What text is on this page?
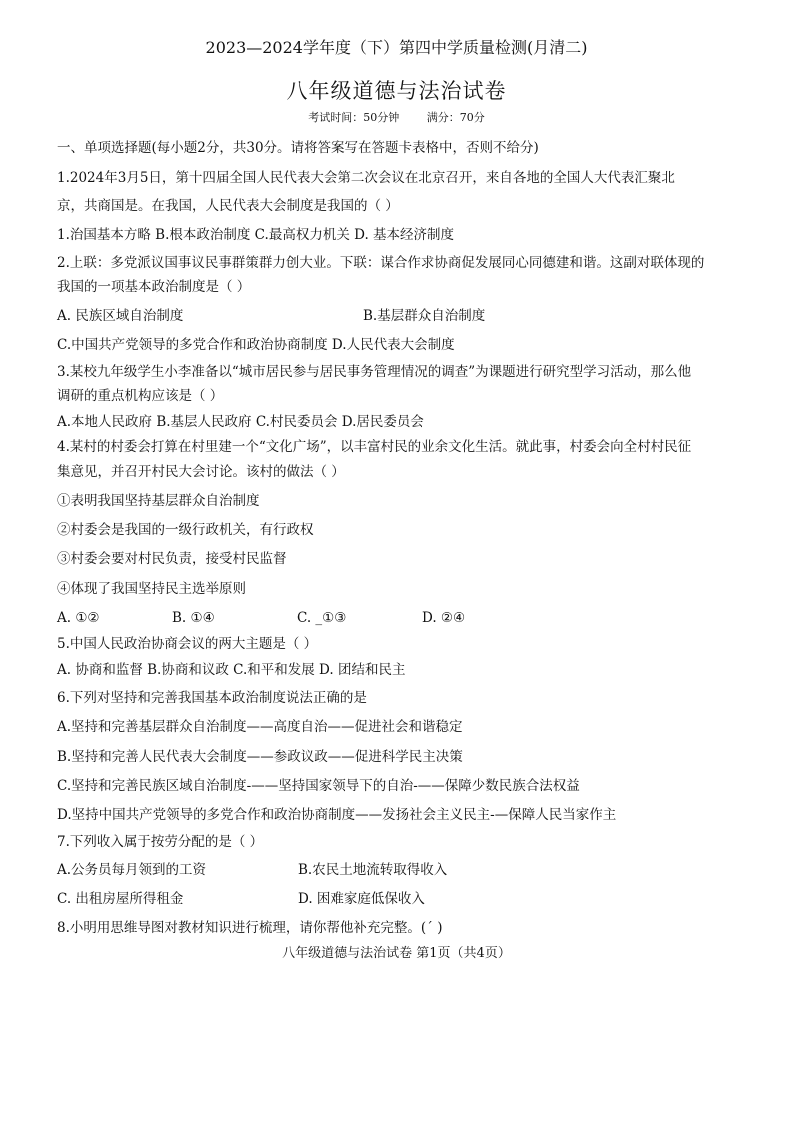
2023—2024学年度（下）第四中学质量检测(月清二)
八年级道德与法治试卷
考试时间：50分钟	满分：70分
一、单项选择题(每小题2分，共30分。请将答案写在答题卡表格中，否则不给分)
1.2024年3月5日，第十四届全国人民代表大会第二次会议在北京召开，来自各地的全国人大代表汇聚北
京，共商国是。在我国，人民代表大会制度是我国的（ ）
1.治国基本方略 B.根本政治制度 C.最高权力机关 D. 基本经济制度
2.上联：多党派议国事议民事群策群力创大业。下联：谋合作求协商促发展同心同德建和谐。这副对联体现的
我国的一项基本政治制度是（ ）
A. 民族区域自治制度	B.基层群众自治制度
C.中国共产党领导的多党合作和政治协商制度 D.人民代表大会制度
3.某校九年级学生小李准备以“城市居民参与居民事务管理情况的调查”为课题进行研究型学习活动，那么他
调研的重点机构应该是（ ）
A.本地人民政府 B.基层人民政府 C.村民委员会 D.居民委员会
4.某村的村委会打算在村里建一个“文化广场”，以丰富村民的业余文化生活。就此事，村委会向全村村民征
集意见，并召开村民大会讨论。该村的做法（ ）
①表明我国坚持基层群众自治制度
②村委会是我国的一级行政机关，有行政权
③村委会要对村民负责，接受村民监督
④体现了我国坚持民主选举原则
A. ①②	B. ①④	C. _①③	D. ②④
5.中国人民政治协商会议的两大主题是（ ）
A. 协商和监督 B.协商和议政 C.和平和发展 D. 团结和民主
6.下列对坚持和完善我国基本政治制度说法正确的是
A.坚持和完善基层群众自治制度——高度自治——促进社会和谐稳定
B.坚持和完善人民代表大会制度——参政议政——促进科学民主决策
C.坚持和完善民族区域自治制度-——坚持国家领导下的自治-——保障少数民族合法权益
D.坚持中国共产党领导的多党合作和政治协商制度——发扬社会主义民主-—保障人民当家作主
7.下列收入属于按劳分配的是（ ）
A.公务员每月领到的工资	B.农民土地流转取得收入
C. 出租房屋所得租金	D. 困难家庭低保收入
8.小明用思维导图对教材知识进行梳理，请你帮他补充完整。(´ )
八年级道德与法治试卷 第1页（共4页）
